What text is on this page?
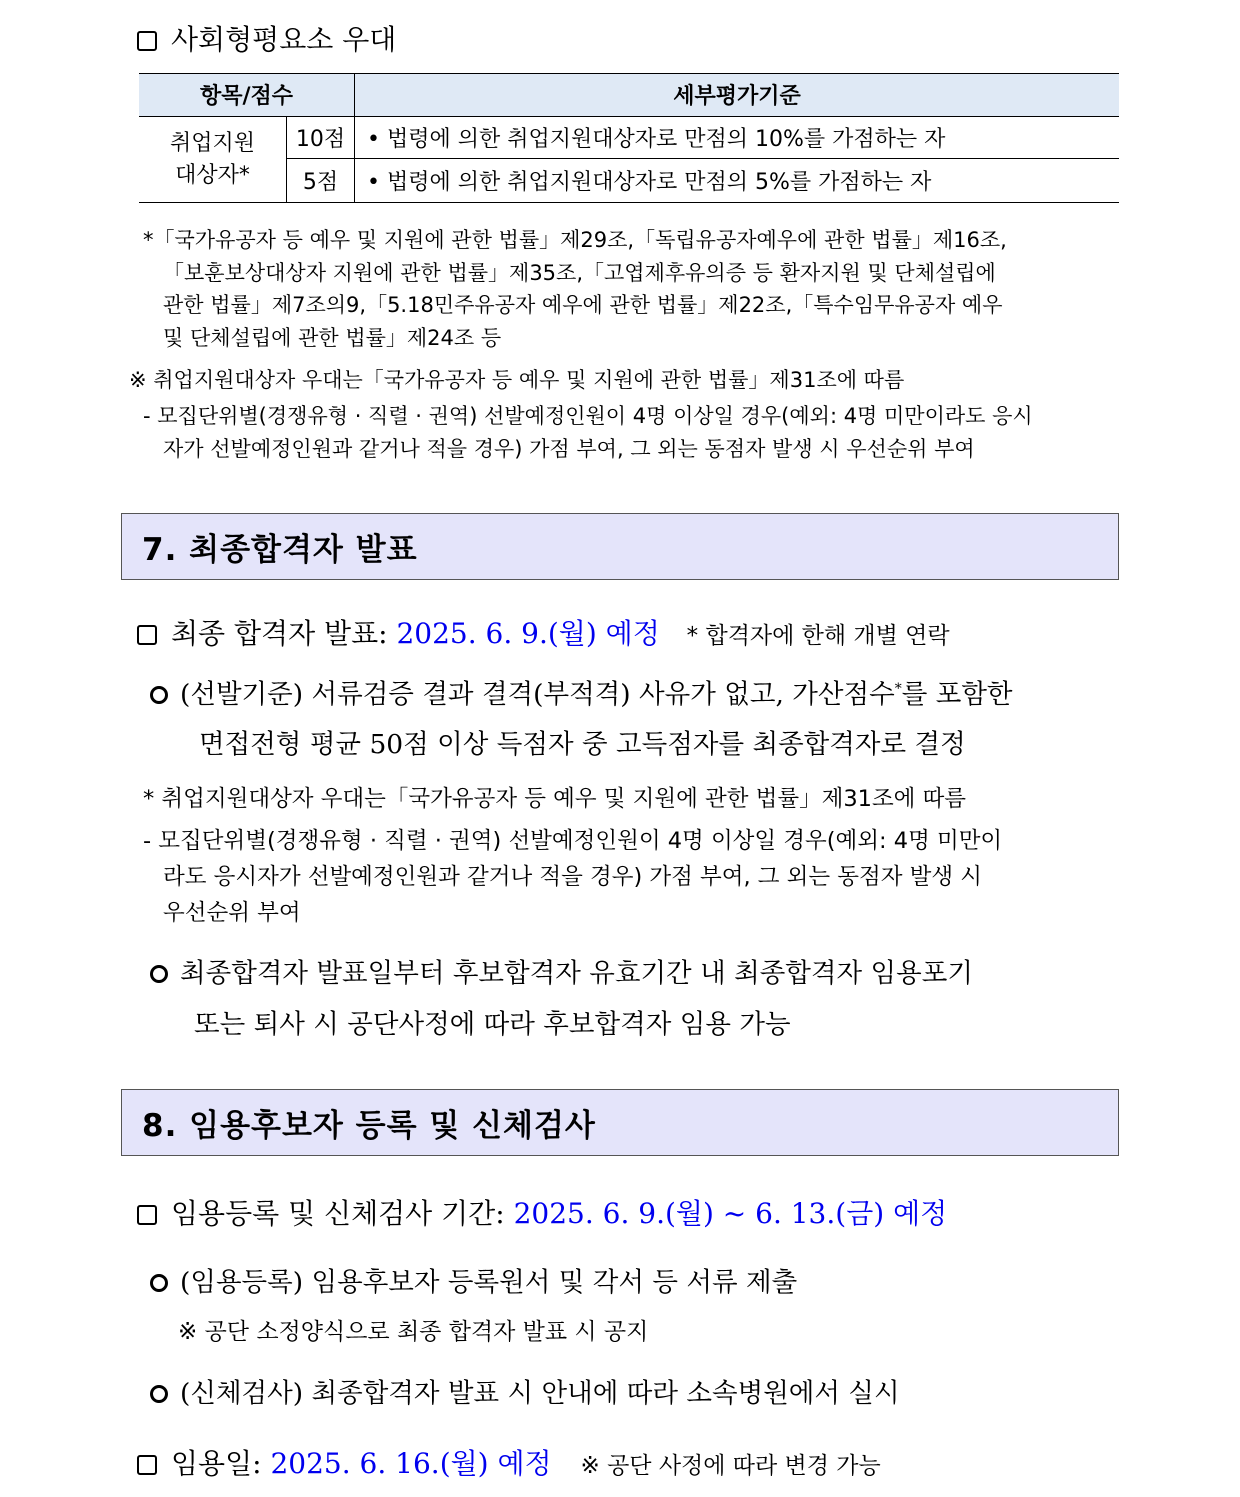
사회형평요소 우대
항목/점수	세부평가기준
취업지원
대상자*
10점 • 법령에 의한 취업지원대상자로 만점의 10%를 가점하는 자
5점	• 법령에 의한 취업지원대상자로 만점의 5%를 가점하는 자
*「국가유공자 등 예우 및 지원에 관한 법률」제29조,「독립유공자예우에 관한 법률」제16조,
「보훈보상대상자 지원에 관한 법률」제35조,「고엽제후유의증 등 환자지원 및 단체설립에
관한 법률」제7조의9,「5.18민주유공자 예우에 관한 법률」제22조,「특수임무유공자 예우
및 단체설립에 관한 법률」제24조 등
※ 취업지원대상자 우대는「국가유공자 등 예우 및 지원에 관한 법률」제31조에 따름
- 모집단위별(경쟁유형 · 직렬 · 권역) 선발예정인원이 4명 이상일 경우(예외: 4명 미만이라도 응시
자가 선발예정인원과 같거나 적을 경우) 가점 부여, 그 외는 동점자 발생 시 우선순위 부여
7. 최종합격자 발표
최종 합격자 발표: 2025. 6. 9.(월) 예정 * 합격자에 한해 개별 연락
(선발기준) 서류검증 결과 결격(부적격) 사유가 없고, 가산점수*를 포함한
면접전형 평균 50점 이상 득점자 중 고득점자를 최종합격자로 결정
* 취업지원대상자 우대는「국가유공자 등 예우 및 지원에 관한 법률」제31조에 따름
- 모집단위별(경쟁유형 · 직렬 · 권역) 선발예정인원이 4명 이상일 경우(예외: 4명 미만이
라도 응시자가 선발예정인원과 같거나 적을 경우) 가점 부여, 그 외는 동점자 발생 시
우선순위 부여
최종합격자 발표일부터 후보합격자 유효기간 내 최종합격자 임용포기
또는 퇴사 시 공단사정에 따라 후보합격자 임용 가능
8. 임용후보자 등록 및 신체검사
임용등록 및 신체검사 기간: 2025. 6. 9.(월) ~ 6. 13.(금) 예정
(임용등록) 임용후보자 등록원서 및 각서 등 서류 제출
※ 공단 소정양식으로 최종 합격자 발표 시 공지
(신체검사) 최종합격자 발표 시 안내에 따라 소속병원에서 실시
임용일: 2025. 6. 16.(월) 예정 ※ 공단 사정에 따라 변경 가능
